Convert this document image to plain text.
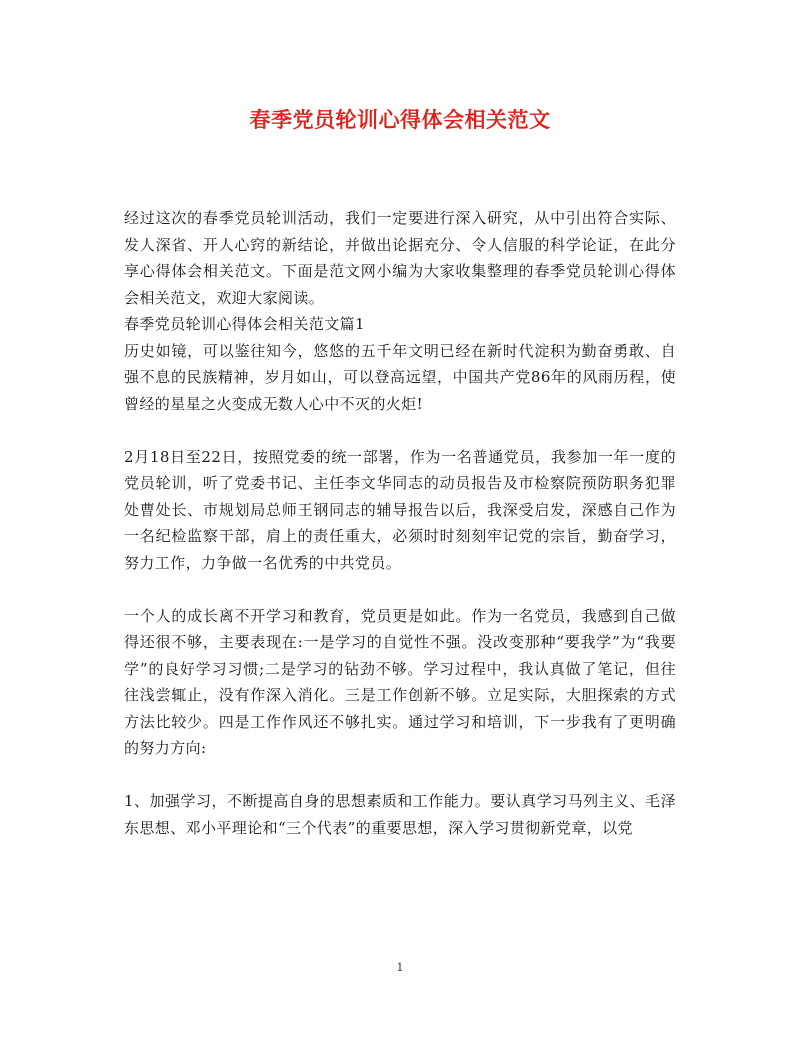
春季党员轮训心得体会相关范文

经过这次的春季党员轮训活动，我们一定要进行深入研究，从中引出符合实际、发人深省、开人心窍的新结论，并做出论据充分、令人信服的科学论证，在此分享心得体会相关范文。下面是范文网小编为大家收集整理的春季党员轮训心得体会相关范文，欢迎大家阅读。

春季党员轮训心得体会相关范文篇1

历史如镜，可以鉴往知今，悠悠的五千年文明已经在新时代淀积为勤奋勇敢、自强不息的民族精神，岁月如山，可以登高远望，中国共产党86年的风雨历程，使曾经的星星之火变成无数人心中不灭的火炬!

2月18日至22日，按照党委的统一部署，作为一名普通党员，我参加一年一度的党员轮训，听了党委书记、主任李文华同志的动员报告及市检察院预防职务犯罪处曹处长、市规划局总师王钢同志的辅导报告以后，我深受启发，深感自己作为一名纪检监察干部，肩上的责任重大，必须时时刻刻牢记党的宗旨，勤奋学习，努力工作，力争做一名优秀的中共党员。

一个人的成长离不开学习和教育，党员更是如此。作为一名党员，我感到自己做得还很不够，主要表现在:一是学习的自觉性不强。没改变那种“要我学”为“我要学”的良好学习习惯;二是学习的钻劲不够。学习过程中，我认真做了笔记，但往往浅尝辄止，没有作深入消化。三是工作创新不够。立足实际，大胆探索的方式方法比较少。四是工作作风还不够扎实。通过学习和培训，下一步我有了更明确的努力方向:

1、加强学习，不断提高自身的思想素质和工作能力。要认真学习马列主义、毛泽东思想、邓小平理论和“三个代表”的重要思想，深入学习贯彻新党章，以党

1
